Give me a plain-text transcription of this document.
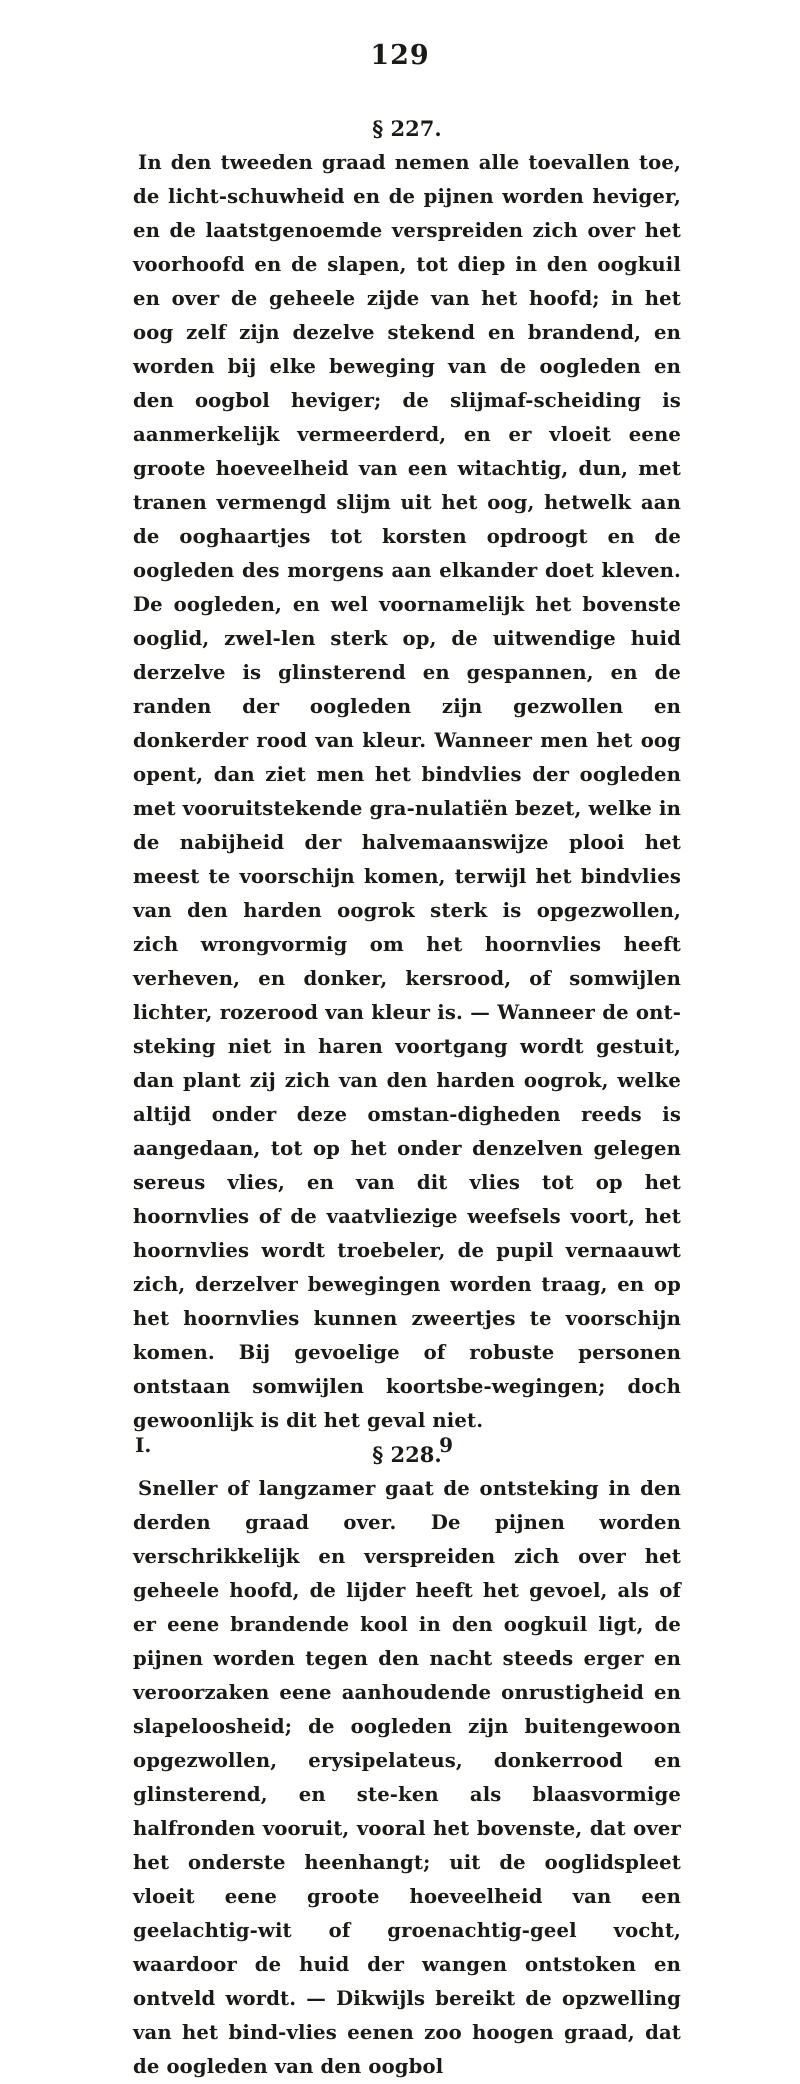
129
§ 227.

In den tweeden graad nemen alle toevallen toe, de licht-schuwheid en de pijnen worden heviger, en de laatstgenoemde verspreiden zich over het voorhoofd en de slapen, tot diep in den oogkuil en over de geheele zijde van het hoofd; in het oog zelf zijn dezelve stekend en brandend, en worden bij elke beweging van de oogleden en den oogbol heviger; de slijmaf-scheiding is aanmerkelijk vermeerderd, en er vloeit eene groote hoeveelheid van een witachtig, dun, met tranen vermengd slijm uit het oog, hetwelk aan de ooghaartjes tot korsten opdroogt en de oogleden des morgens aan elkander doet kleven. De oogleden, en wel voornamelijk het bovenste ooglid, zwel-len sterk op, de uitwendige huid derzelve is glinsterend en gespannen, en de randen der oogleden zijn gezwollen en donkerder rood van kleur. Wanneer men het oog opent, dan ziet men het bindvlies der oogleden met vooruitstekende gra-nulatiën bezet, welke in de nabijheid der halvemaanswijze plooi het meest te voorschijn komen, terwijl het bindvlies van den harden oogrok sterk is opgezwollen, zich wrongvormig om het hoornvlies heeft verheven, en donker, kersrood, of somwijlen lichter, rozerood van kleur is. — Wanneer de ont-steking niet in haren voortgang wordt gestuit, dan plant zij zich van den harden oogrok, welke altijd onder deze omstan-digheden reeds is aangedaan, tot op het onder denzelven gelegen sereus vlies, en van dit vlies tot op het hoornvlies of de vaatvliezige weefsels voort, het hoornvlies wordt troebeler, de pupil vernaauwt zich, derzelver bewegingen worden traag, en op het hoornvlies kunnen zweertjes te voorschijn komen. Bij gevoelige of robuste personen ontstaan somwijlen koortsbe-wegingen; doch gewoonlijk is dit het geval niet.

§ 228.

Sneller of langzamer gaat de ontsteking in den derden graad over. De pijnen worden verschrikkelijk en verspreiden zich over het geheele hoofd, de lijder heeft het gevoel, als of er eene brandende kool in den oogkuil ligt, de pijnen worden tegen den nacht steeds erger en veroorzaken eene aanhoudende onrustigheid en slapeloosheid; de oogleden zijn buitengewoon opgezwollen, erysipelateus, donkerrood en glinsterend, en ste-ken als blaasvormige halfronden vooruit, vooral het bovenste, dat over het onderste heenhangt; uit de ooglidspleet vloeit eene groote hoeveelheid van een geelachtig-wit of groenachtig-geel vocht, waardoor de huid der wangen ontstoken en ontveld wordt. — Dikwijls bereikt de opzwelling van het bind-vlies eenen zoo hoogen graad, dat de oogleden van den oogbol

I.	9
